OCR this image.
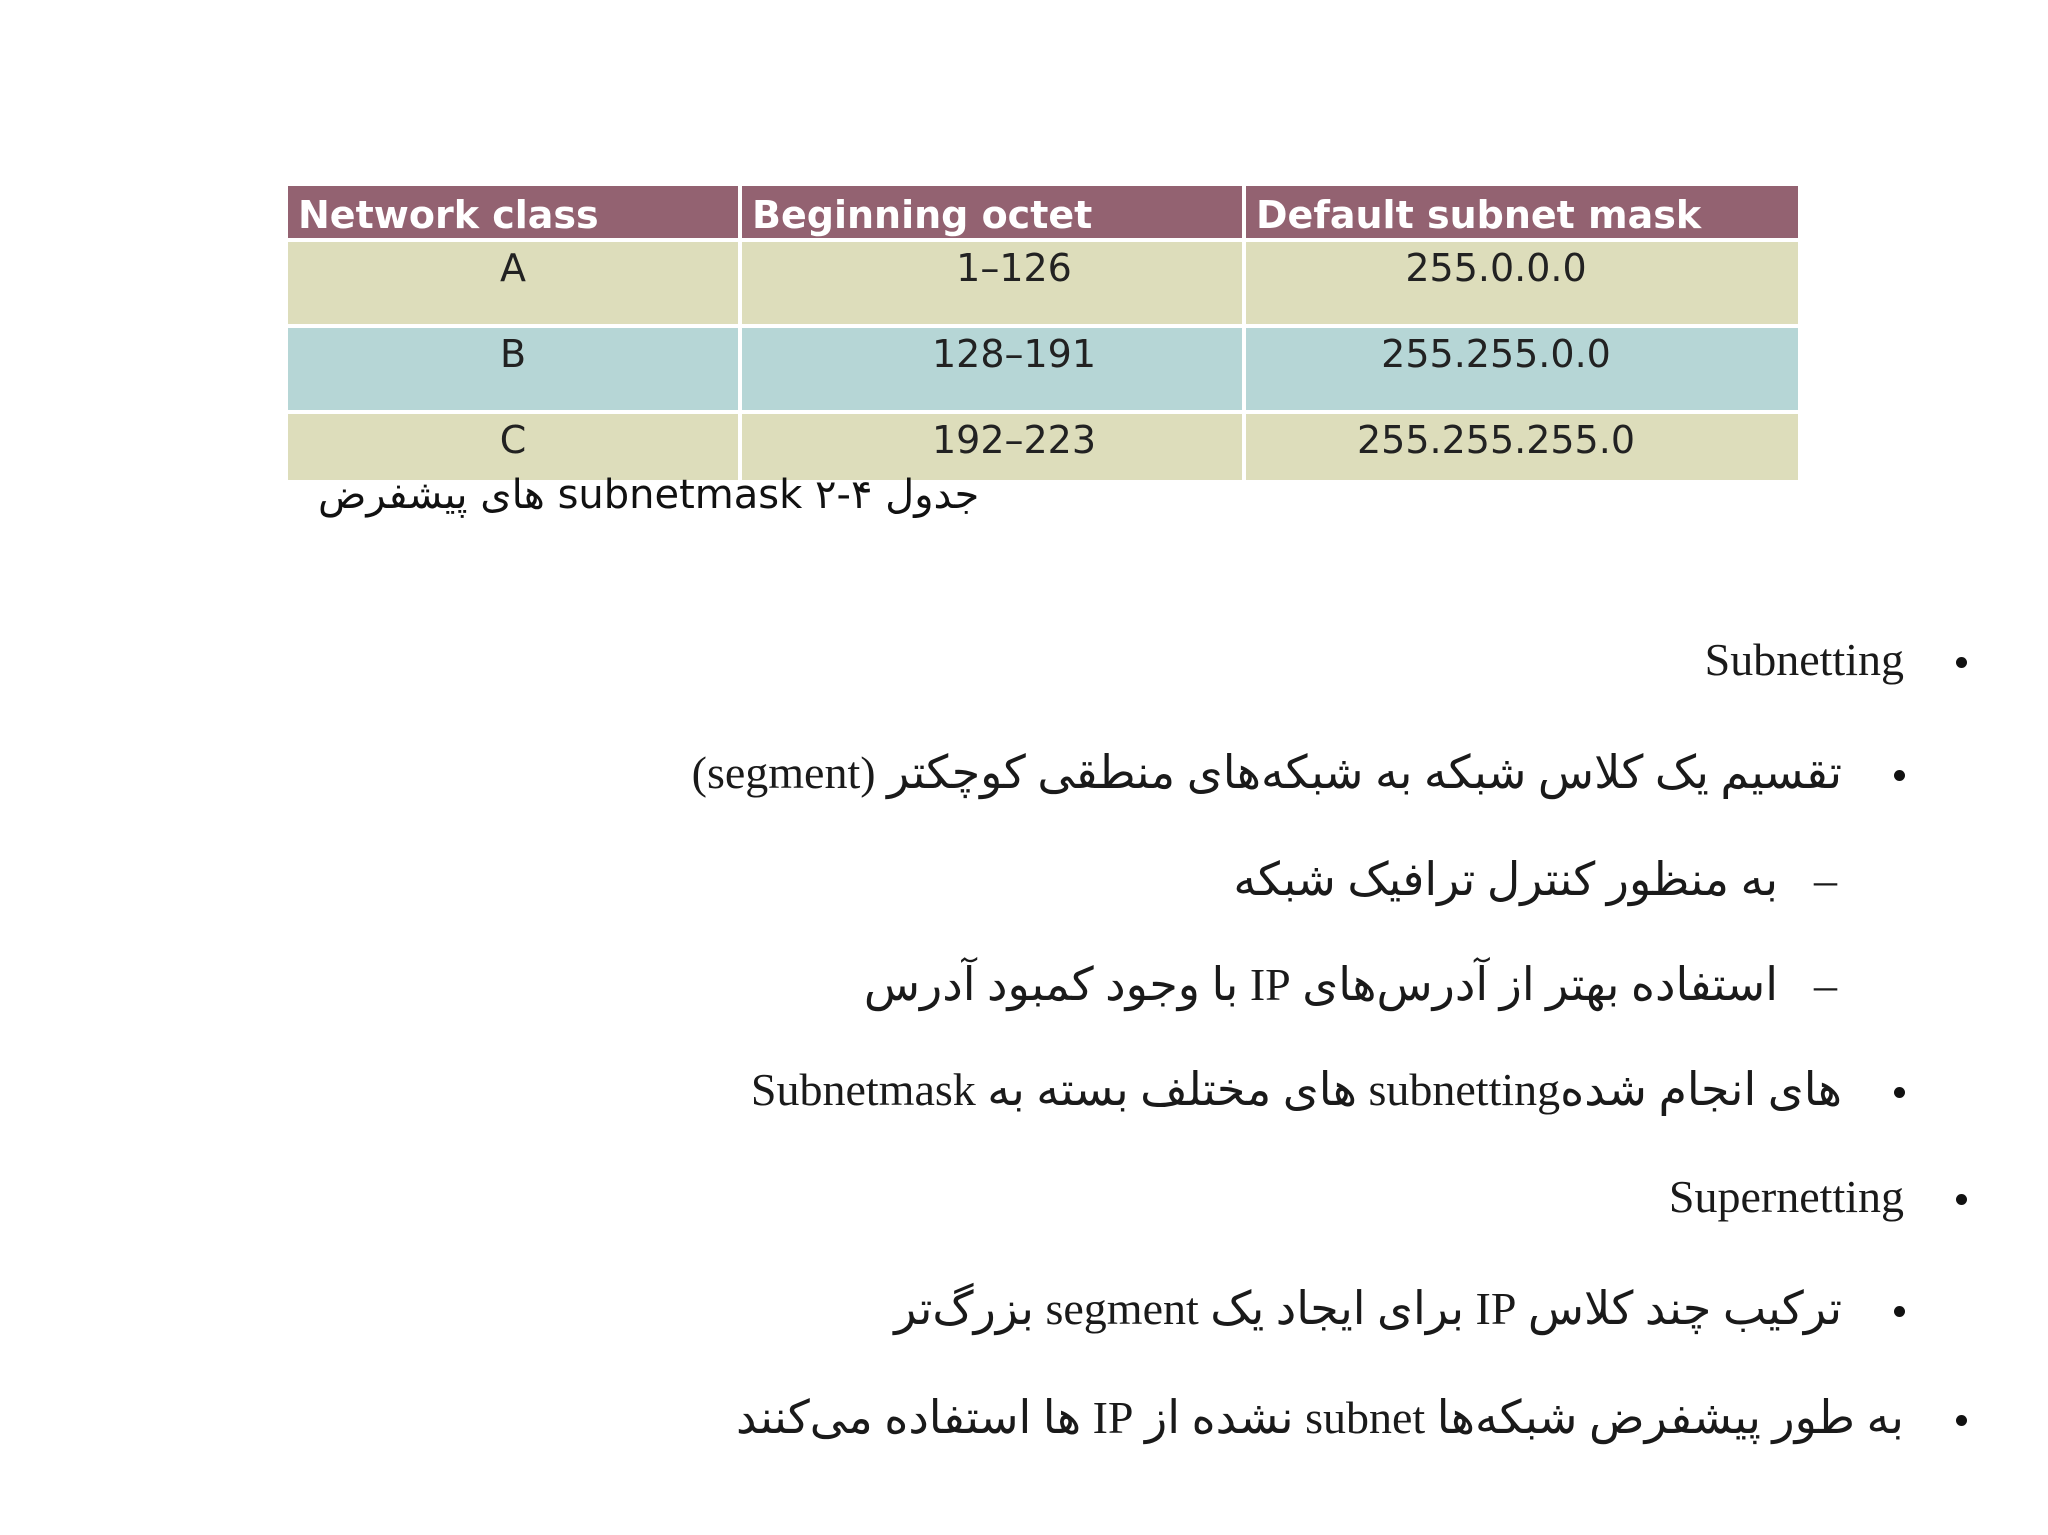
Network class	Beginning octet	Default subnet mask
A	1–126	255.0.0.0
B	128–191	255.255.0.0
C	192–223	255.255.255.0
جدول ۴-۲ subnetmask های پیشفرض
Subnetting
تقسیم یک کلاس شبکه به شبکه‌های منطقی کوچکتر (segment)
–
به منظور کنترل ترافیک شبکه
–
استفاده بهتر از آدرس‌های IP با وجود کمبود آدرس
Subnetmask های مختلف بسته به subnettingهای انجام شده
Supernetting
ترکیب چند کلاس IP برای ایجاد یک segment بزرگ‌تر
به طور پیشفرض شبکه‌ها subnet نشده از IP ها استفاده می‌کنند
